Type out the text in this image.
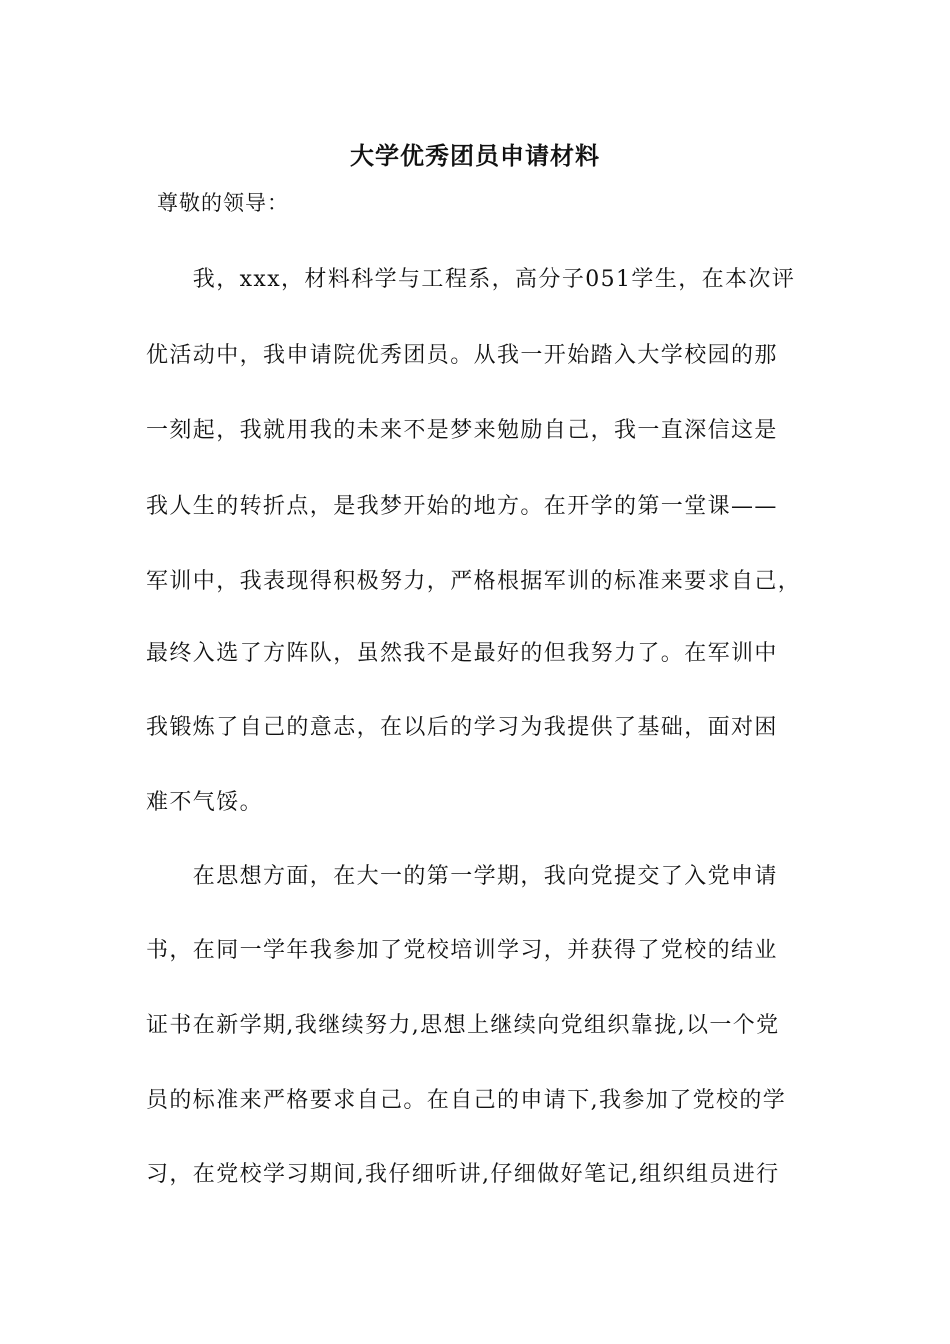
大学优秀团员申请材料
尊敬的领导：
　　我，xxx，材料科学与工程系，高分子051学生，在本次评
优活动中，我申请院优秀团员。从我一开始踏入大学校园的那
一刻起，我就用我的未来不是梦来勉励自己，我一直深信这是
我人生的转折点，是我梦开始的地方。在开学的第一堂课——
军训中，我表现得积极努力，严格根据军训的标准来要求自己，
最终入选了方阵队，虽然我不是最好的但我努力了。在军训中
我锻炼了自己的意志，在以后的学习为我提供了基础，面对困
难不气馁。
　　在思想方面，在大一的第一学期，我向党提交了入党申请
书，在同一学年我参加了党校培训学习，并获得了党校的结业
证书在新学期,我继续努力,思想上继续向党组织靠拢,以一个党
员的标准来严格要求自己。在自己的申请下,我参加了党校的学
习，在党校学习期间,我仔细听讲,仔细做好笔记,组织组员进行
